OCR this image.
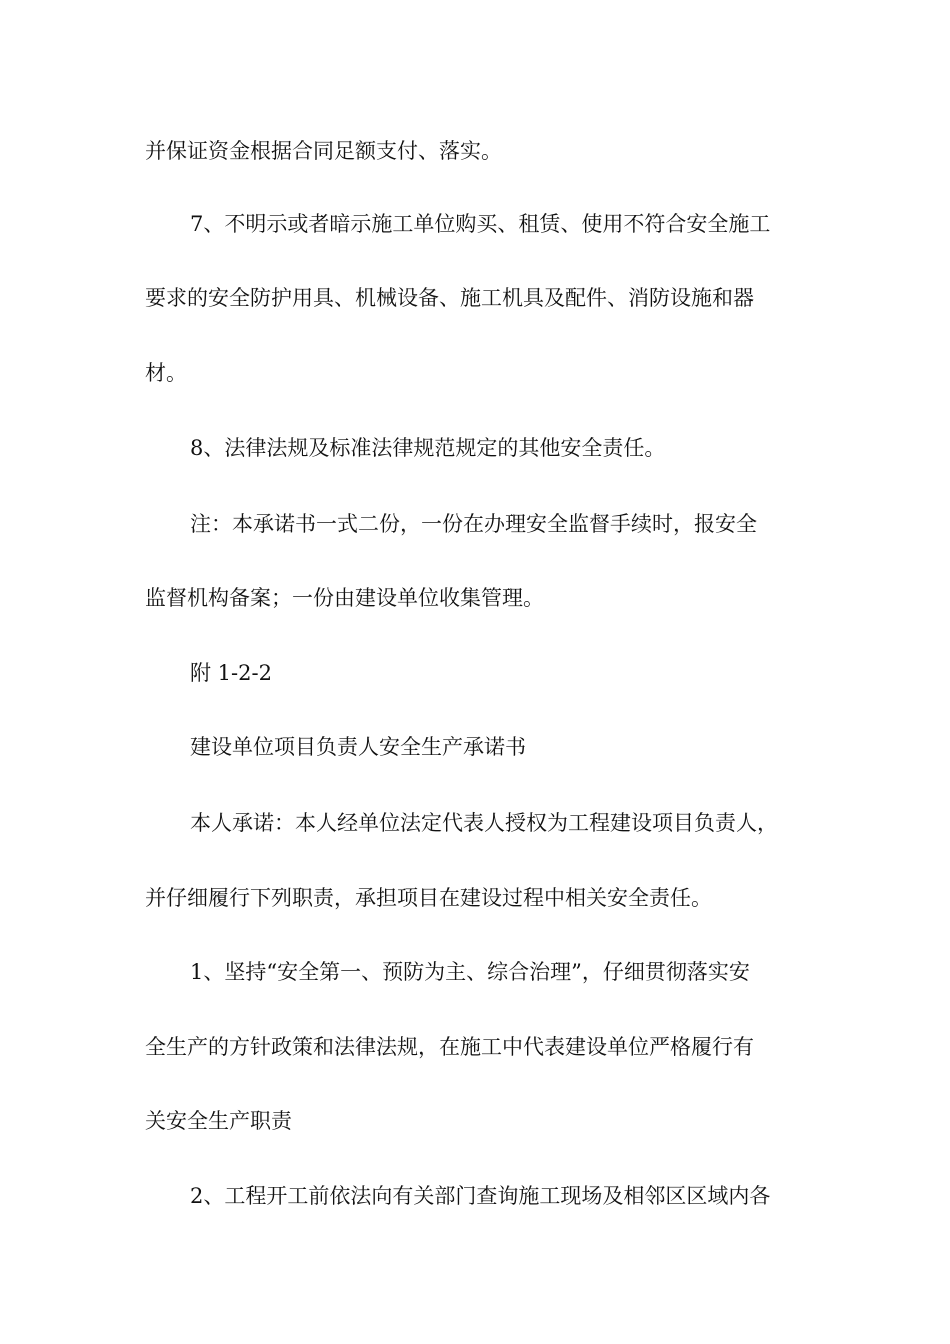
并保证资金根据合同足额支付、落实。
7、不明示或者暗示施工单位购买、租赁、使用不符合安全施工
要求的安全防护用具、机械设备、施工机具及配件、消防设施和器
材。
8、法律法规及标准法律规范规定的其他安全责任。
注：本承诺书一式二份，一份在办理安全监督手续时，报安全
监督机构备案；一份由建设单位收集管理。
附 1-2-2
建设单位项目负责人安全生产承诺书
本人承诺：本人经单位法定代表人授权为工程建设项目负责人，
并仔细履行下列职责，承担项目在建设过程中相关安全责任。
1、坚持“安全第一、预防为主、综合治理”，仔细贯彻落实安
全生产的方针政策和法律法规，在施工中代表建设单位严格履行有
关安全生产职责
2、工程开工前依法向有关部门查询施工现场及相邻区区域内各
